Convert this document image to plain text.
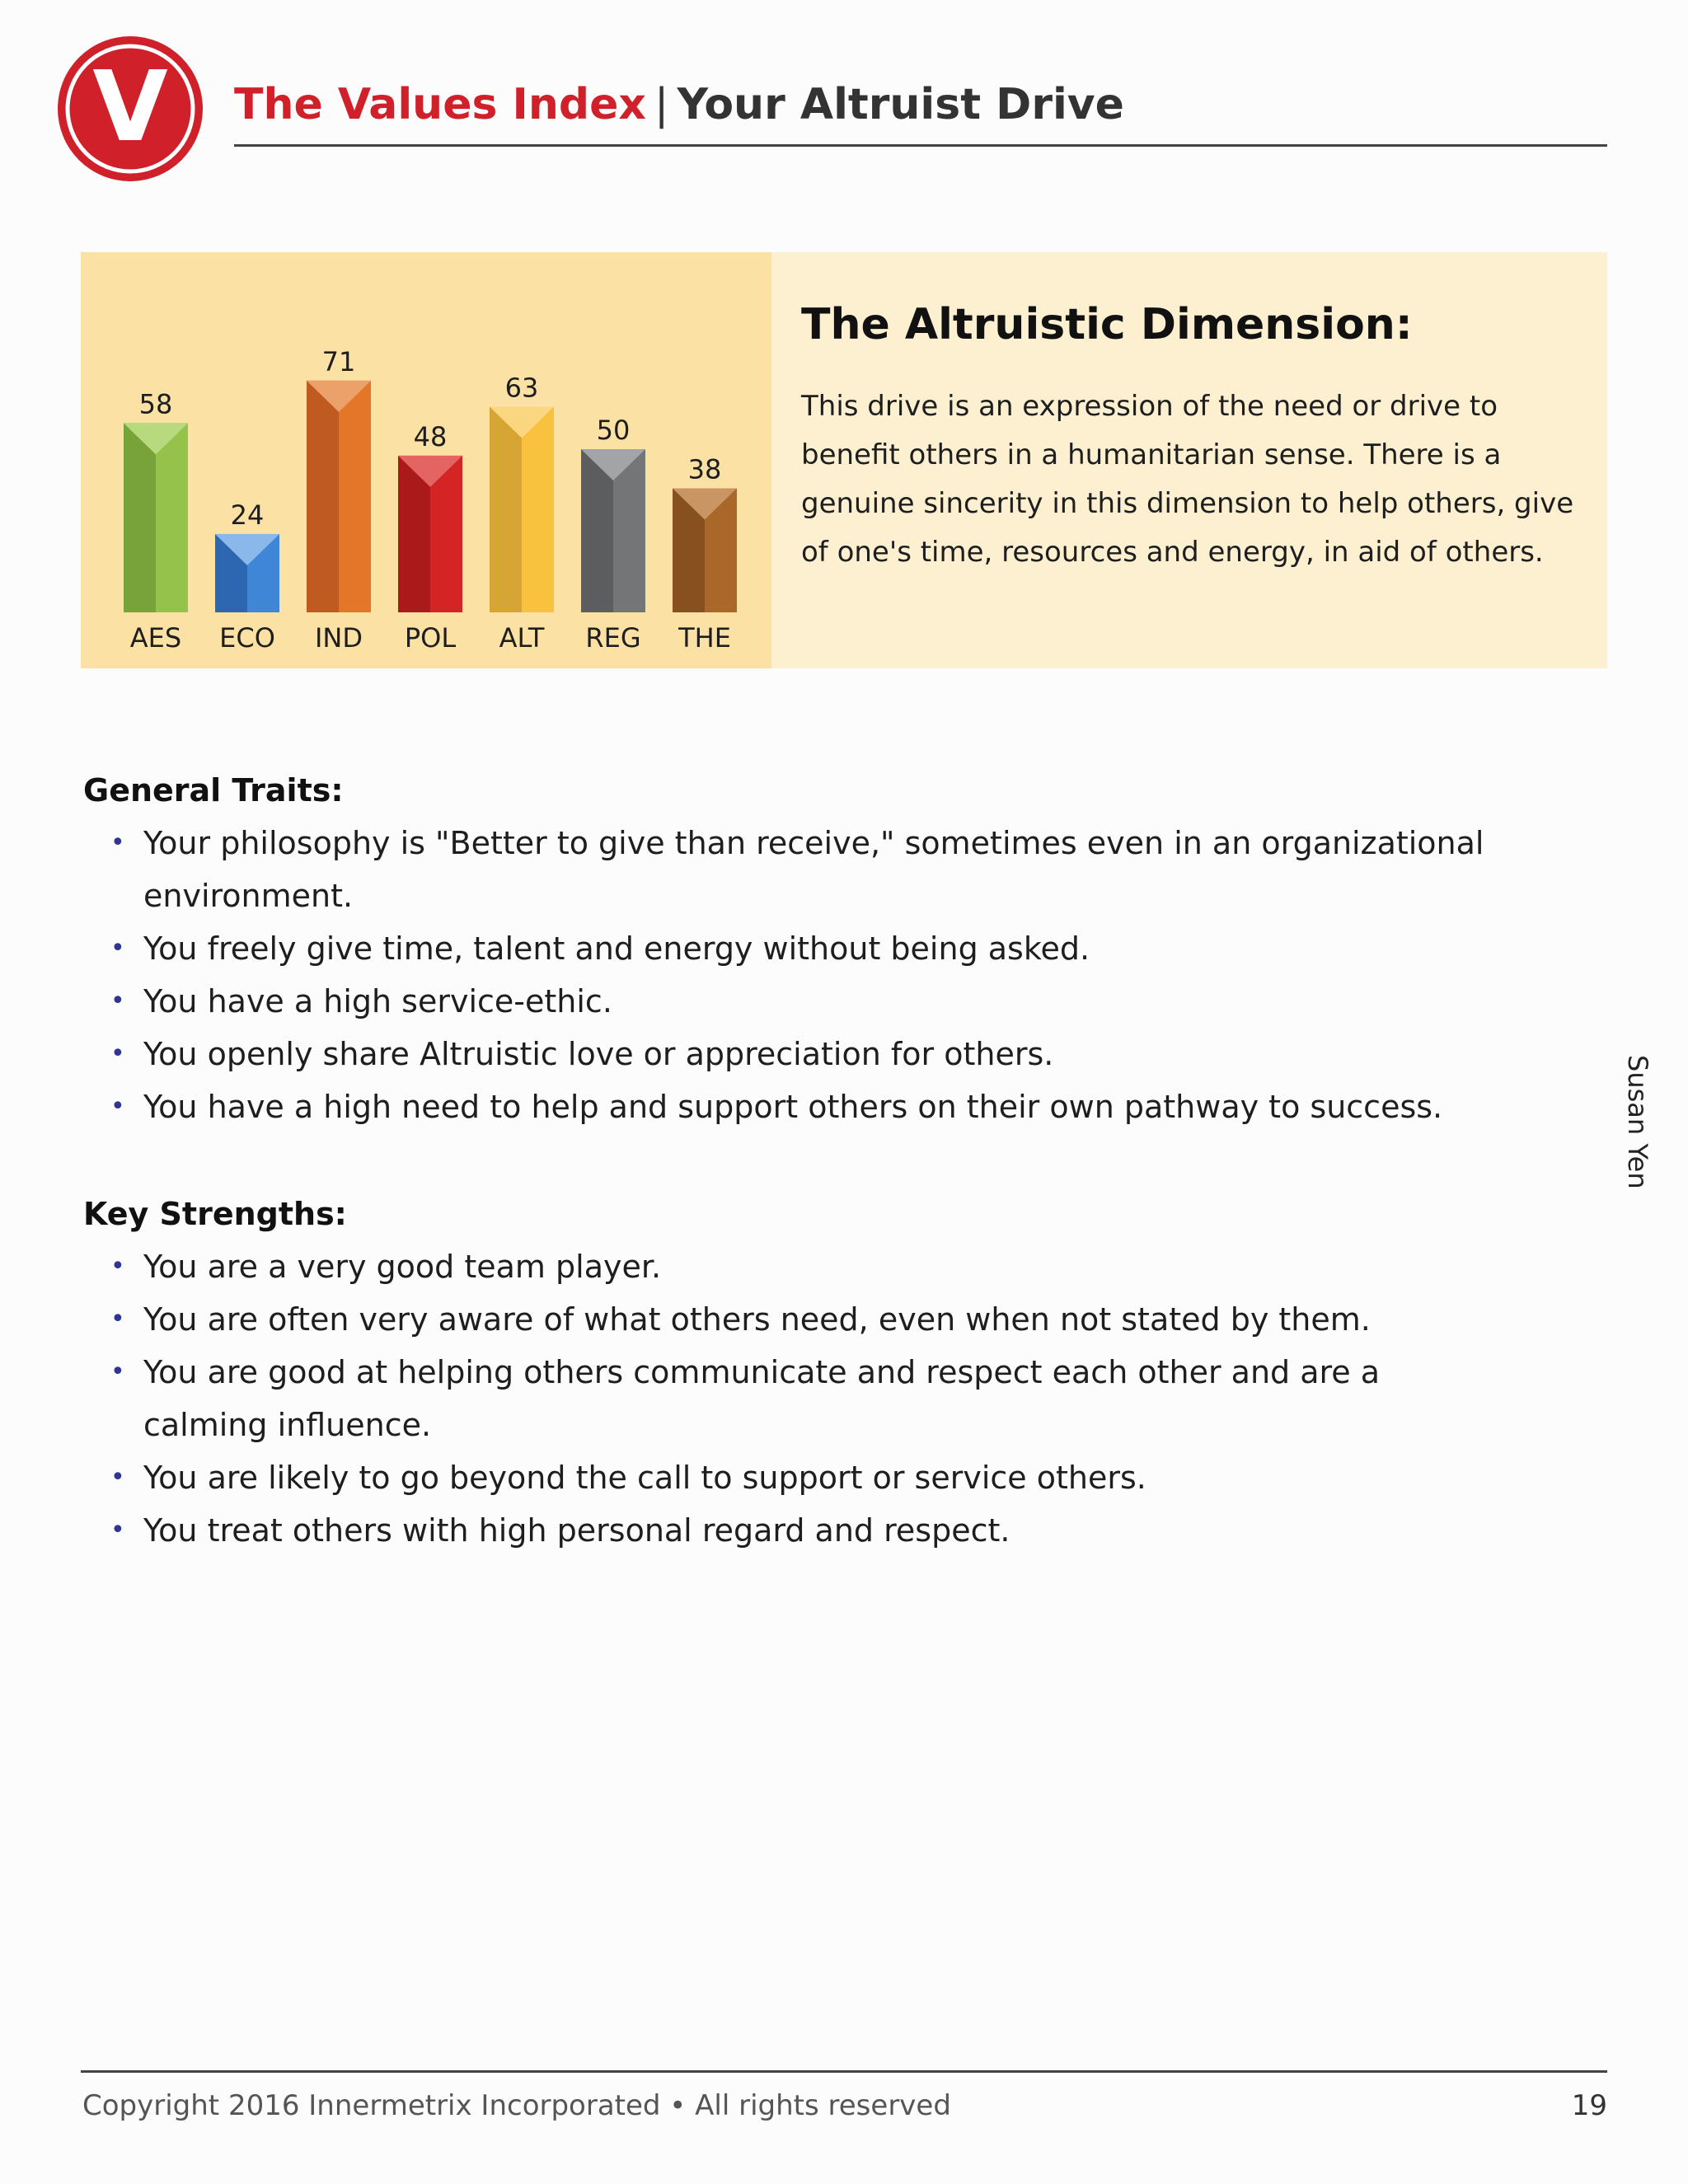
V The Values Index | Your Altruist Drive
58
AES
24
ECO
71
IND
48
POL
63
ALT
50
REG
38
THE
The Altruistic Dimension:

This drive is an expression of the need or drive to benefit others in a humanitarian sense. There is a genuine sincerity in this dimension to help others, give of one's time, resources and energy, in aid of others.

General Traits:
• Your philosophy is "Better to give than receive," sometimes even in an organizational environment.
• You freely give time, talent and energy without being asked.
• You have a high service-ethic.
• You openly share Altruistic love or appreciation for others.
• You have a high need to help and support others on their own pathway to success.
Key Strengths:
• You are a very good team player.
• You are often very aware of what others need, even when not stated by them.
• You are good at helping others communicate and respect each other and are a calming influence.
• You are likely to go beyond the call to support or service others.
• You treat others with high personal regard and respect.
Susan Yen
Copyright 2016 Innermetrix Incorporated • All rights reserved	19
